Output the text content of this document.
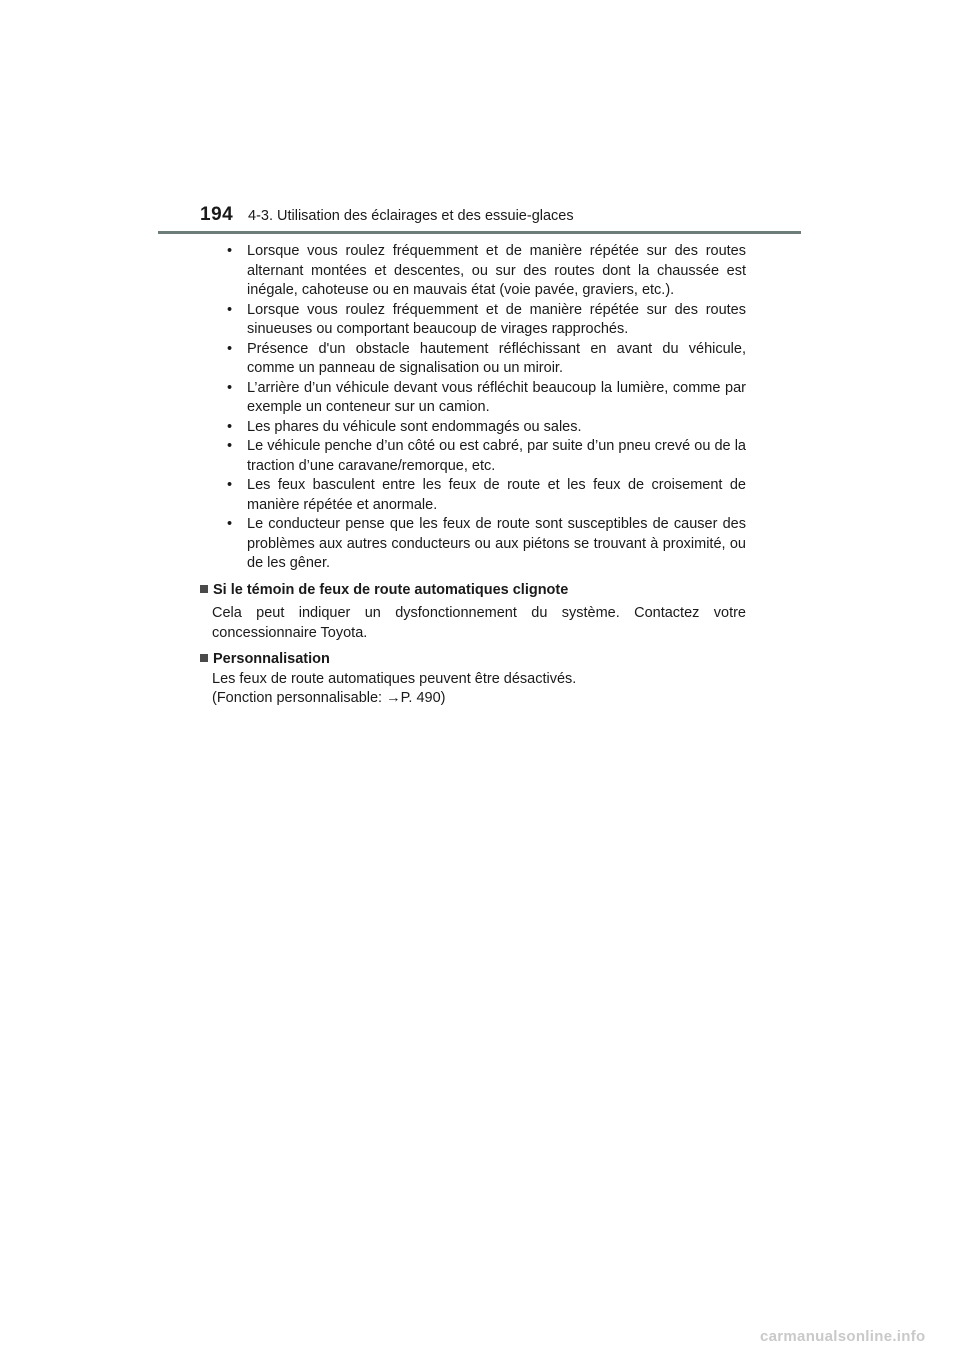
194 4-3. Utilisation des éclairages et des essuie-glaces
• Lorsque vous roulez fréquemment et de manière répétée sur des routes alternant montées et descentes, ou sur des routes dont la chaussée est inégale, cahoteuse ou en mauvais état (voie pavée, graviers, etc.).
• Lorsque vous roulez fréquemment et de manière répétée sur des routes sinueuses ou comportant beaucoup de virages rapprochés.
• Présence d'un obstacle hautement réfléchissant en avant du véhicule, comme un panneau de signalisation ou un miroir.
• L’arrière d’un véhicule devant vous réfléchit beaucoup la lumière, comme par exemple un conteneur sur un camion.
• Les phares du véhicule sont endommagés ou sales.
• Le véhicule penche d’un côté ou est cabré, par suite d’un pneu crevé ou de la traction d’une caravane/remorque, etc.
• Les feux basculent entre les feux de route et les feux de croisement de manière répétée et anormale.
• Le conducteur pense que les feux de route sont susceptibles de causer des problèmes aux autres conducteurs ou aux piétons se trouvant à proximité, ou de les gêner.
Si le témoin de feux de route automatiques clignote

Cela peut indiquer un dysfonctionnement du système. Contactez votre concessionnaire Toyota.

Personnalisation

Les feux de route automatiques peuvent être désactivés.

(Fonction personnalisable: →P. 490)

carmanualsonline.info
